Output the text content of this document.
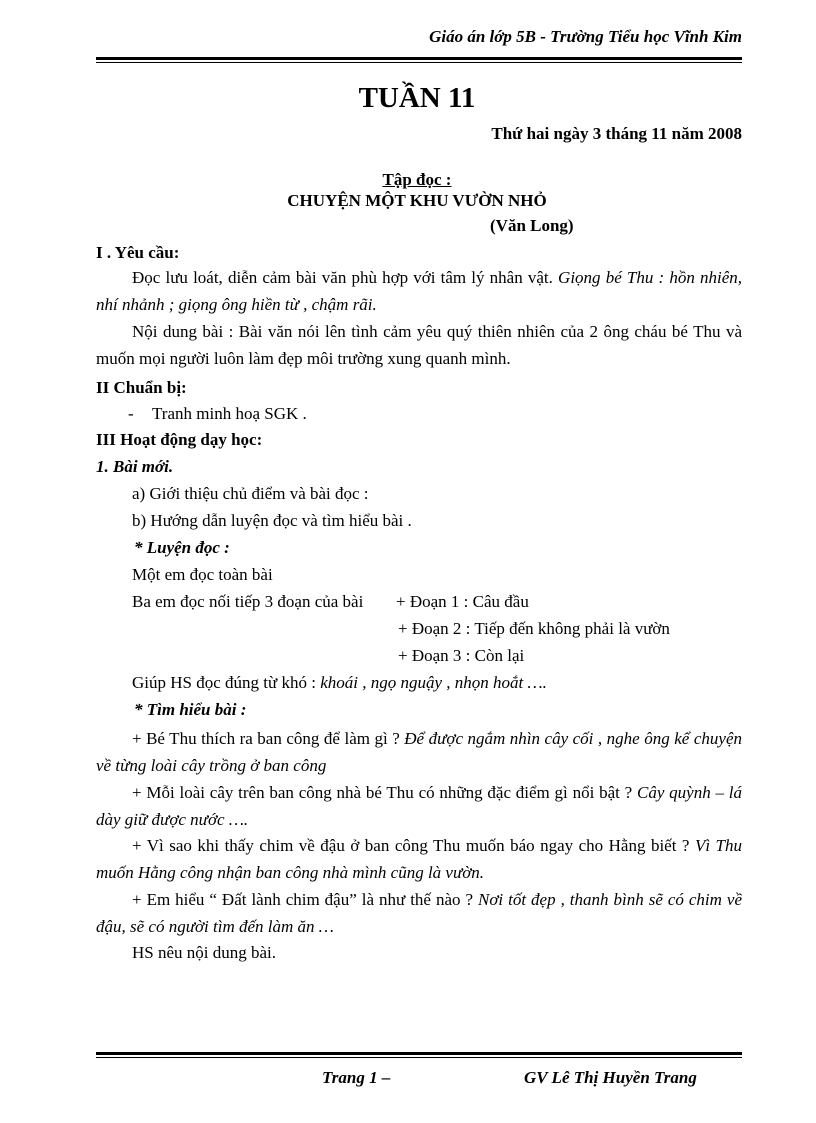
Giáo án lớp 5B - Trường Tiểu học Vĩnh Kim
TUẦN 11
Thứ hai ngày 3 tháng 11 năm 2008
Tập đọc :
CHUYỆN MỘT KHU VƯỜN NHỎ
(Văn Long)
I . Yêu cầu:
Đọc lưu loát, diễn cảm bài văn phù hợp với tâm lý nhân vật. Giọng bé Thu : hồn nhiên, nhí nhảnh ; giọng ông hiền từ , chậm rãi.
Nội dung bài : Bài văn nói lên tình cảm yêu quý thiên nhiên của 2 ông cháu bé Thu và muốn mọi người luôn làm đẹp môi trường xung quanh mình.
II Chuẩn bị:
- Tranh minh hoạ SGK .
III Hoạt động dạy học:
1. Bài mới.
a) Giới thiệu chủ điểm và bài đọc :
b) Hướng dẫn luyện đọc và tìm hiểu bài .
* Luyện đọc :
Một em đọc toàn bài
Ba em đọc nối tiếp 3 đoạn của bài + Đoạn 1 : Câu đầu
+ Đoạn 2 : Tiếp đến không phải là vườn
+ Đoạn 3 : Còn lại
Giúp HS đọc đúng từ khó : khoái , ngọ nguậy , nhọn hoắt ….
* Tìm hiểu bài :
+ Bé Thu thích ra ban công để làm gì ? Để được ngắm nhìn cây cối , nghe ông kể chuyện về từng loài cây trồng ở ban công
+ Mỗi loài cây trên ban công nhà bé Thu có những đặc điểm gì nổi bật ? Cây quỳnh – lá dày giữ được nước ….
+ Vì sao khi thấy chim về đậu ở ban công Thu muốn báo ngay cho Hằng biết ? Vì Thu muốn Hằng công nhận ban công nhà mình cũng là vườn.
+ Em hiểu “ Đất lành chim đậu” là như thế nào ? Nơi tốt đẹp , thanh bình sẽ có chim về đậu, sẽ có người tìm đến làm ăn …
HS nêu nội dung bài.
Trang 1 –	GV Lê Thị Huyền Trang
